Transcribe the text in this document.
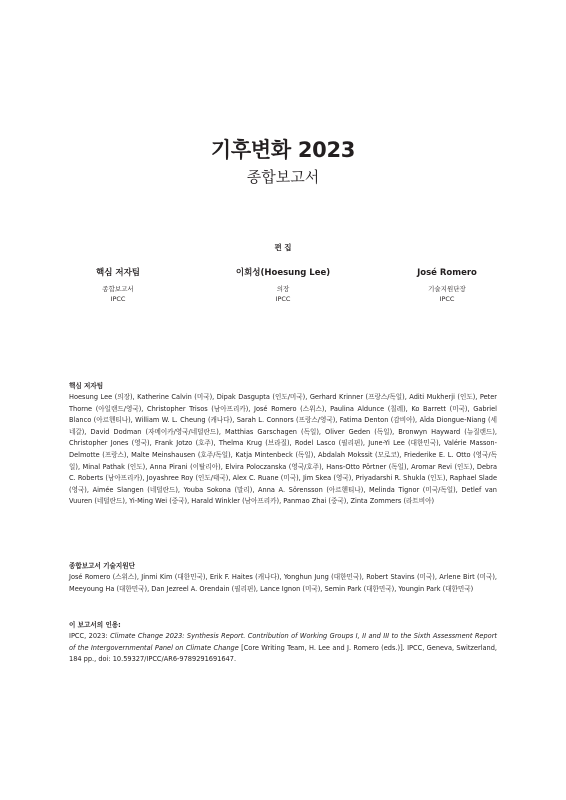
기후변화 2023
종합보고서
편 집
핵심 저자팀
종합보고서
IPCC
이회성(Hoesung Lee)
의장
IPCC
José Romero
기술지원단장
IPCC
핵심 저자팀
Hoesung Lee (의장), Katherine Calvin (미국), Dipak Dasgupta (인도/미국), Gerhard Krinner (프랑스/독일), Aditi Mukherji (인도), Peter Thorne (아일랜드/영국), Christopher Trisos (남아프리카), José Romero (스위스), Paulina Aldunce (칠레), Ko Barrett (미국), Gabriel Blanco (아르헨티나), William W. L. Cheung (캐나다), Sarah L. Connors (프랑스/영국), Fatima Denton (감비아), Aïda Diongue-Niang (세네갈), David Dodman (자메이카/영국/네덜란드), Matthias Garschagen (독일), Oliver Geden (독일), Bronwyn Hayward (뉴질랜드), Christopher Jones (영국), Frank Jotzo (호주), Thelma Krug (브라질), Rodel Lasco (필리핀), June-Yi Lee (대한민국), Valérie Masson-Delmotte (프랑스), Malte Meinshausen (호주/독일), Katja Mintenbeck (독일), Abdalah Mokssit (모로코), Friederike E. L. Otto (영국/독일), Minal Pathak (인도), Anna Pirani (이탈리아), Elvira Poloczanska (영국/호주), Hans-Otto Pörtner (독일), Aromar Revi (인도), Debra C. Roberts (남아프리카), Joyashree Roy (인도/태국), Alex C. Ruane (미국), Jim Skea (영국), Priyadarshi R. Shukla (인도), Raphael Slade (영국), Aimée Slangen (네덜란드), Youba Sokona (말리), Anna A. Sörensson (아르헨티나), Melinda Tignor (미국/독일), Detlef van Vuuren (네덜란드), Yi-Ming Wei (중국), Harald Winkler (남아프리카), Panmao Zhai (중국), Zinta Zommers (라트비아)
종합보고서 기술지원단
José Romero (스위스), Jinmi Kim (대한민국), Erik F. Haites (캐나다), Yonghun Jung (대한민국), Robert Stavins (미국), Arlene Birt (미국), Meeyoung Ha (대한민국), Dan Jezreel A. Orendain (필리핀), Lance Ignon (미국), Semin Park (대한민국), Youngin Park (대한민국)
이 보고서의 인용:
IPCC, 2023: Climate Change 2023: Synthesis Report. Contribution of Working Groups I, II and III to the Sixth Assessment Report of the Intergovernmental Panel on Climate Change [Core Writing Team, H. Lee and J. Romero (eds.)]. IPCC, Geneva, Switzerland, 184 pp., doi: 10.59327/IPCC/AR6-9789291691647.
